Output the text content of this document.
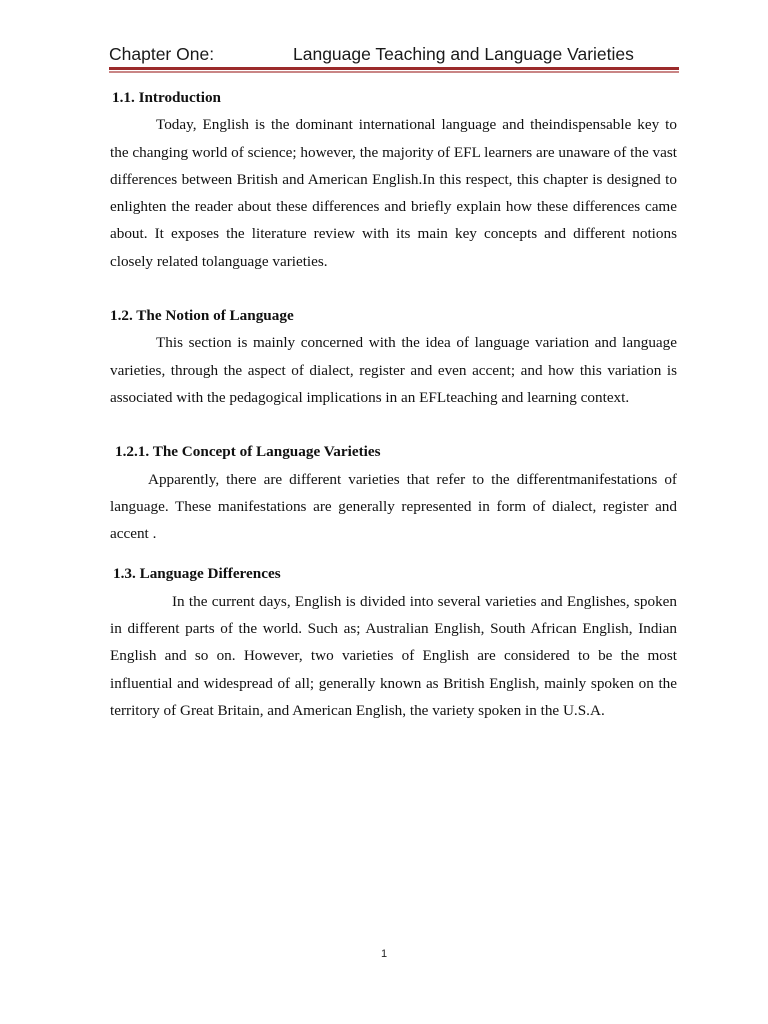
Chapter One:	Language Teaching and Language Varieties

1.1. Introduction

Today, English is the dominant international language and theindispensable key to the changing world of science; however, the majority of EFL learners are unaware of the vast differences between British and American English.In this respect, this chapter is designed to enlighten the reader about these differences and briefly explain how these differences came about. It exposes the literature review with its main key concepts and different notions closely related tolanguage varieties.

1.2. The Notion of Language

This section is mainly concerned with the idea of language variation and language varieties, through the aspect of dialect, register and even accent; and how this variation is associated with the pedagogical implications in an EFLteaching and learning context.

1.2.1. The Concept of Language Varieties

Apparently, there are different varieties that refer to the differentmanifestations of language. These manifestations are generally represented in form of dialect, register and accent .

1.3. Language Differences

In the current days, English is divided into several varieties and Englishes, spoken in different parts of the world. Such as; Australian English, South African English, Indian English and so on. However, two varieties of English are considered to be the most influential and widespread of all; generally known as British English, mainly spoken on the territory of Great Britain, and American English, the variety spoken in the U.S.A.

1
